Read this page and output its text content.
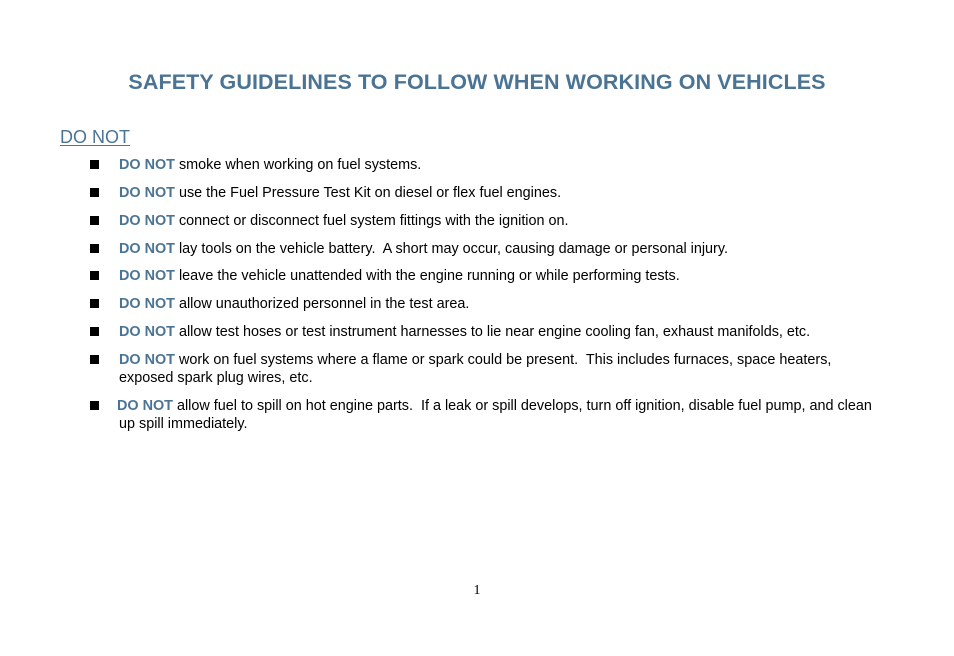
SAFETY GUIDELINES TO FOLLOW WHEN WORKING ON VEHICLES
DO NOT
DO NOT smoke when working on fuel systems.
DO NOT use the Fuel Pressure Test Kit on diesel or flex fuel engines.
DO NOT connect or disconnect fuel system fittings with the ignition on.
DO NOT lay tools on the vehicle battery.  A short may occur, causing damage or personal injury.
DO NOT leave the vehicle unattended with the engine running or while performing tests.
DO NOT allow unauthorized personnel in the test area.
DO NOT allow test hoses or test instrument harnesses to lie near engine cooling fan, exhaust manifolds, etc.
DO NOT work on fuel systems where a flame or spark could be present.  This includes furnaces, space heaters, exposed spark plug wires, etc.
DO NOT allow fuel to spill on hot engine parts.  If a leak or spill develops, turn off ignition, disable fuel pump, and clean up spill immediately.
1
